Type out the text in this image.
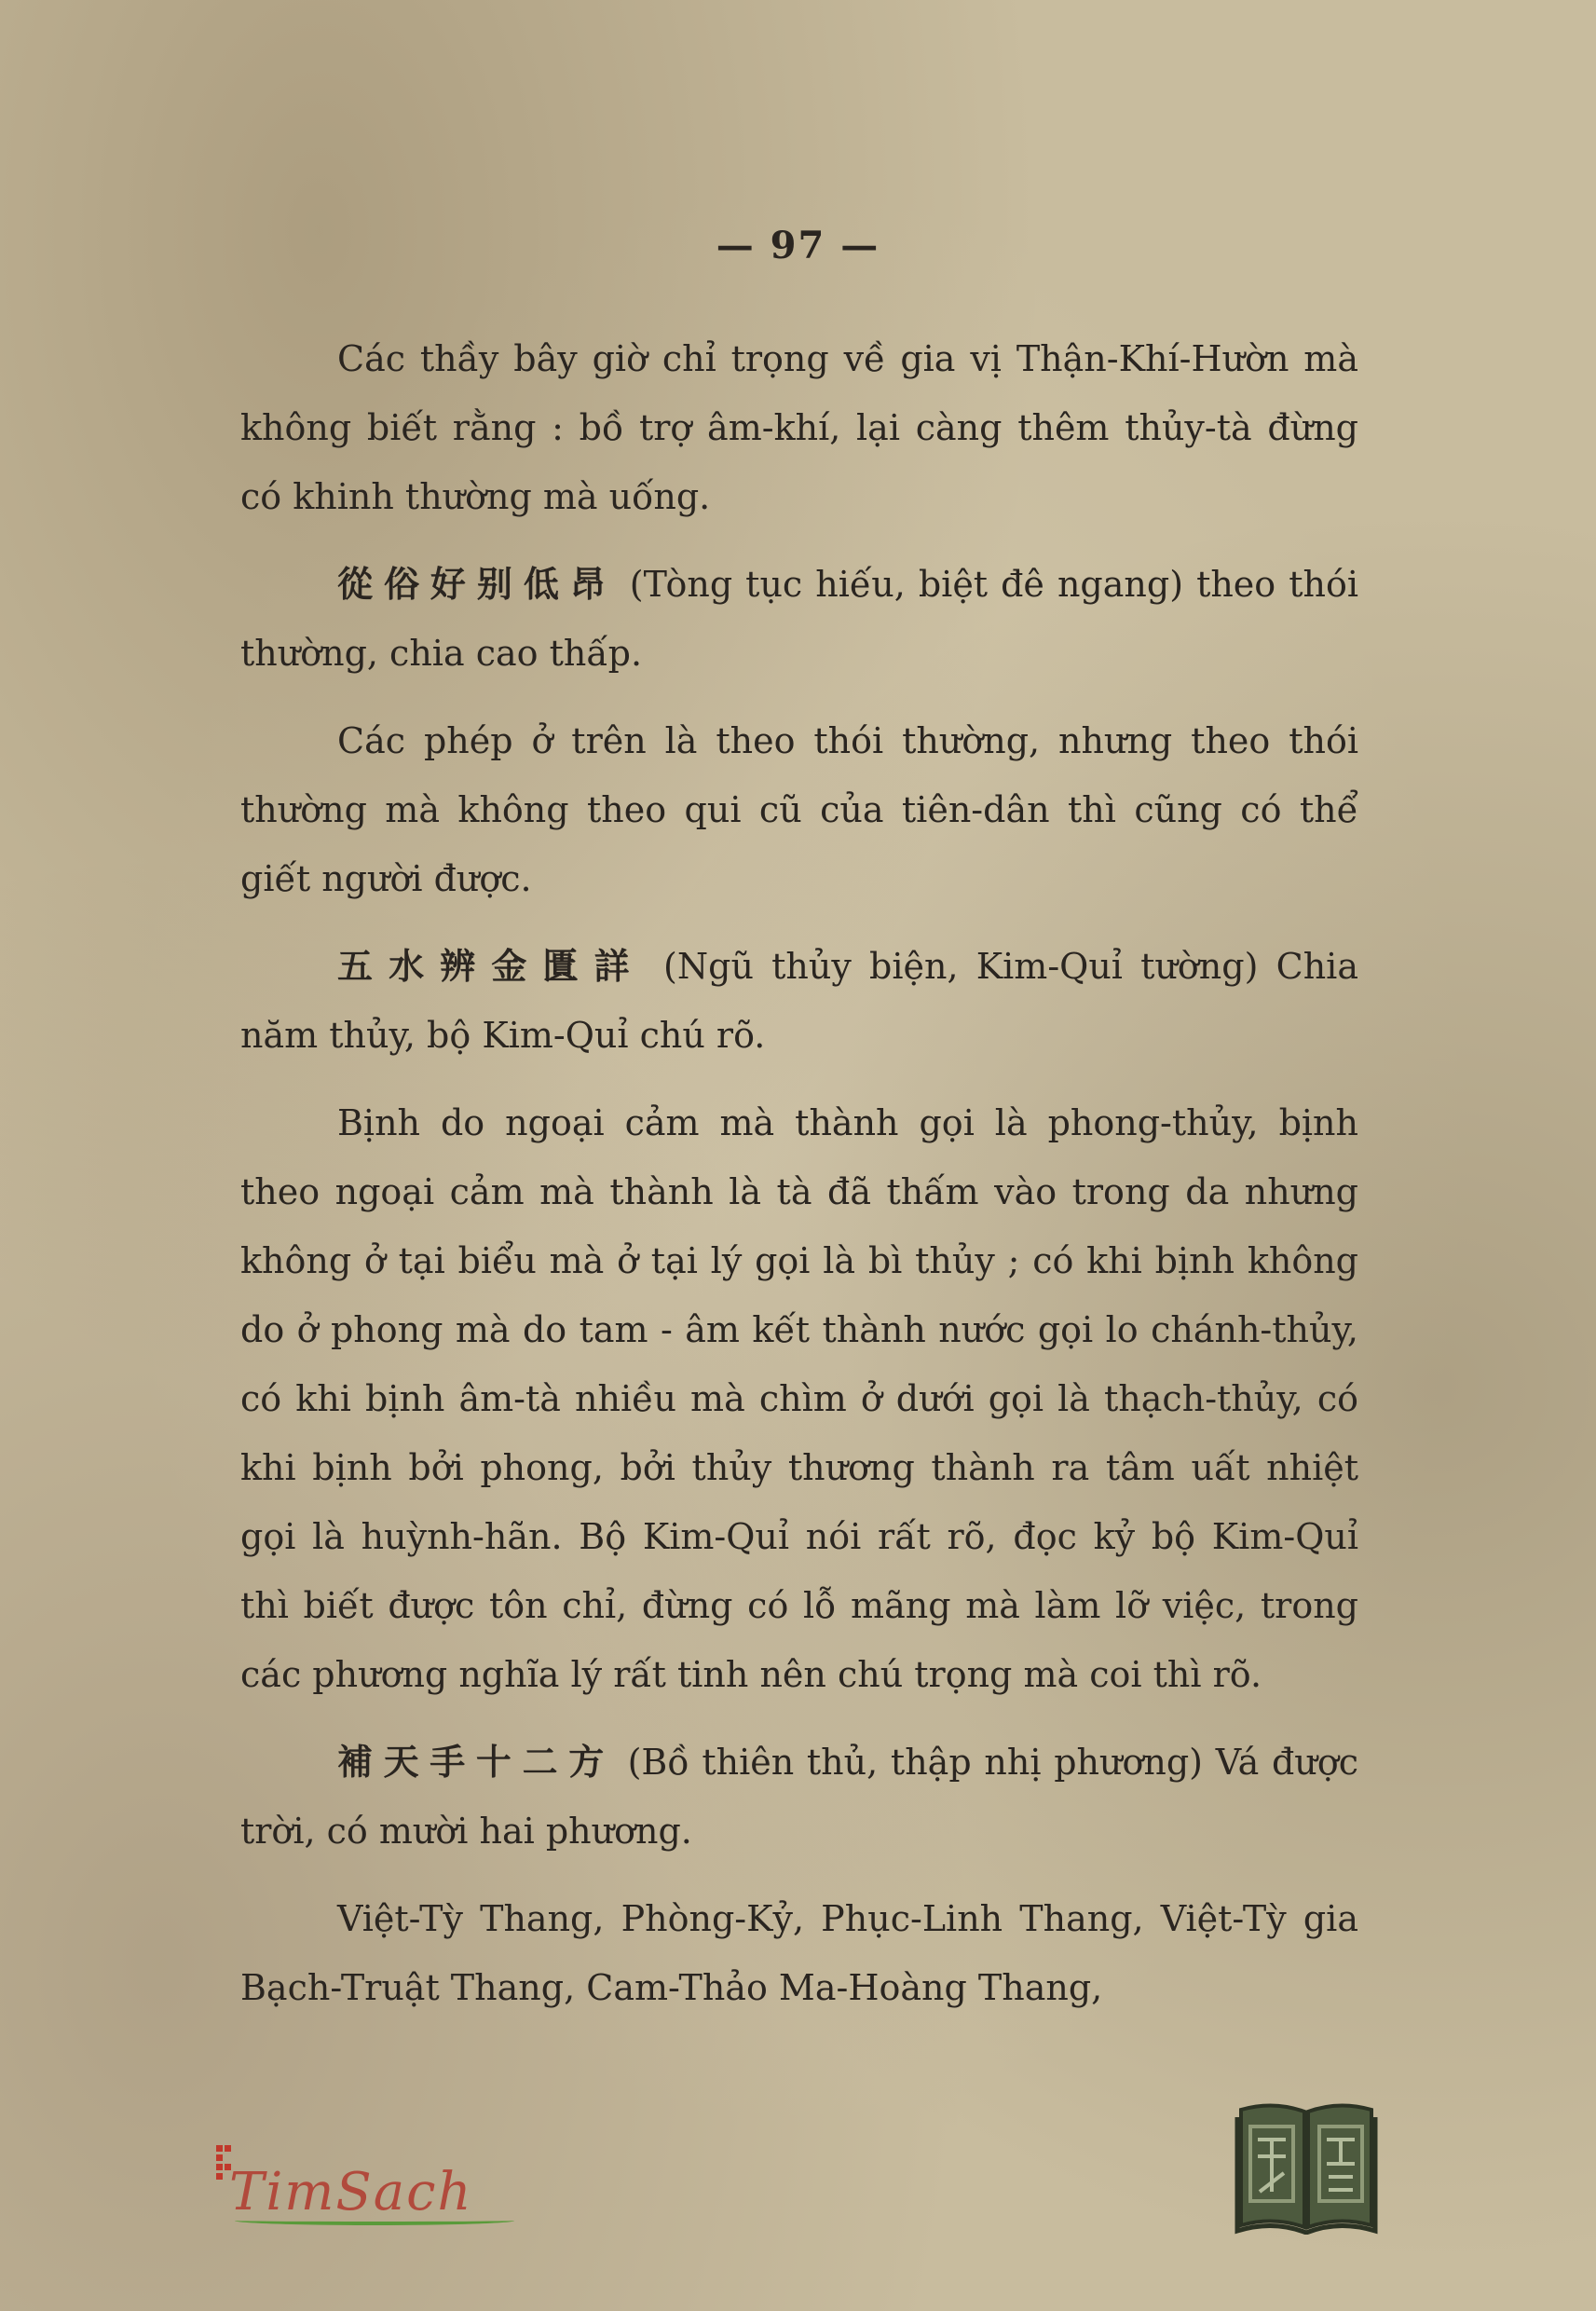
— 97 —

Các thầy bây giờ chỉ trọng về gia vị Thận-Khí-Hườn mà không biết rằng : bồ trợ âm-khí, lại càng thêm thủy-tà đừng có khinh thường mà uống.

從俗好别低昂 (Tòng tục hiếu, biệt đê ngang) theo thói thường, chia cao thấp.

Các phép ở trên là theo thói thường, nhưng theo thói thường mà không theo qui cũ của tiên-dân thì cũng có thể giết người được.

五水辨金匱詳 (Ngũ thủy biện, Kim-Quỉ tường) Chia năm thủy, bộ Kim-Quỉ chú rõ.

Bịnh do ngoại cảm mà thành gọi là phong-thủy, bịnh theo ngoại cảm mà thành là tà đã thấm vào trong da nhưng không ở tại biểu mà ở tại lý gọi là bì thủy ; có khi bịnh không do ở phong mà do tam - âm kết thành nước gọi lo chánh-thủy, có khi bịnh âm-tà nhiều mà chìm ở dưới gọi là thạch-thủy, có khi bịnh bởi phong, bởi thủy thương thành ra tâm uất nhiệt gọi là huỳnh-hãn. Bộ Kim-Quỉ nói rất rõ, đọc kỷ bộ Kim-Quỉ thì biết được tôn chỉ, đừng có lỗ mãng mà làm lỡ việc, trong các phương nghĩa lý rất tinh nên chú trọng mà coi thì rõ.

補天手十二方 (Bồ thiên thủ, thập nhị phương) Vá được trời, có mười hai phương.

Việt-Tỳ Thang, Phòng-Kỷ, Phục-Linh Thang, Việt-Tỳ gia Bạch-Truật Thang, Cam-Thảo Ma-Hoàng Thang,

TimSach
